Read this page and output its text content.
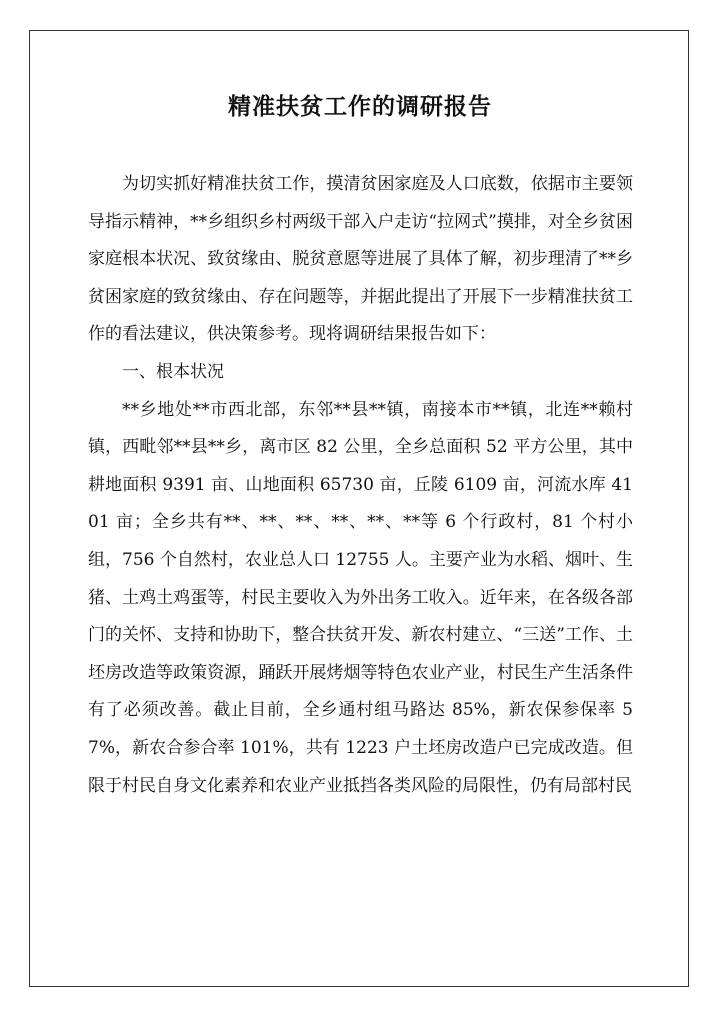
精准扶贫工作的调研报告

为切实抓好精准扶贫工作，摸清贫困家庭及人口底数，依据市主要领导指示精神，**乡组织乡村两级干部入户走访“拉网式”摸排，对全乡贫困家庭根本状况、致贫缘由、脱贫意愿等进展了具体了解，初步理清了**乡贫困家庭的致贫缘由、存在问题等，并据此提出了开展下一步精准扶贫工作的看法建议，供决策参考。现将调研结果报告如下：

一、根本状况

**乡地处**市西北部，东邻**县**镇，南接本市**镇，北连**赖村镇，西毗邻**县**乡，离市区 82 公里，全乡总面积 52 平方公里，其中耕地面积 9391 亩、山地面积 65730 亩，丘陵 6109 亩，河流水库 4101 亩；全乡共有**、**、**、**、**、**等 6 个行政村，81 个村小组，756 个自然村，农业总人口 12755 人。主要产业为水稻、烟叶、生猪、土鸡土鸡蛋等，村民主要收入为外出务工收入。近年来，在各级各部门的关怀、支持和协助下，整合扶贫开发、新农村建立、“三送”工作、土坯房改造等政策资源，踊跃开展烤烟等特色农业产业，村民生产生活条件有了必须改善。截止目前，全乡通村组马路达 85%，新农保参保率 57%，新农合参合率 101%，共有 1223 户土坯房改造户已完成改造。但限于村民自身文化素养和农业产业抵挡各类风险的局限性，仍有局部村民
